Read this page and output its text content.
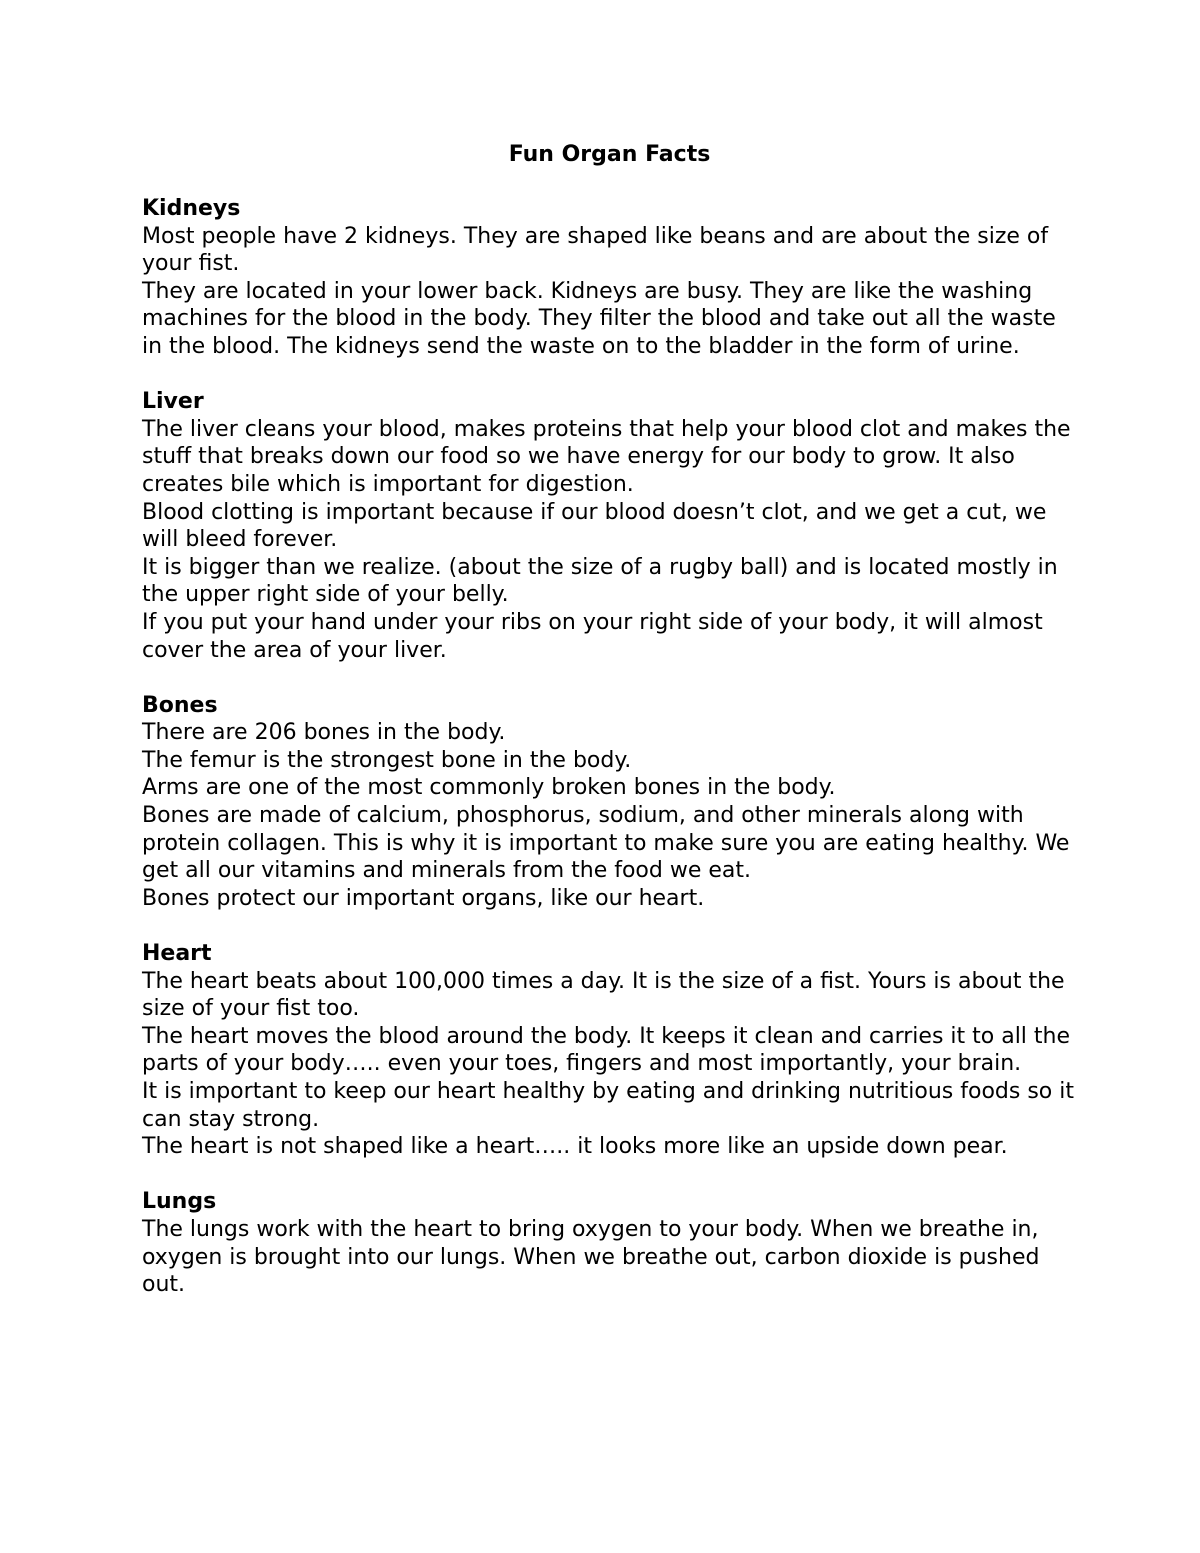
Fun Organ Facts
Kidneys

Most people have 2 kidneys. They are shaped like beans and are about the size of your fist.

They are located in your lower back. Kidneys are busy. They are like the washing machines for the blood in the body. They filter the blood and take out all the waste in the blood. The kidneys send the waste on to the bladder in the form of urine.

Liver

The liver cleans your blood, makes proteins that help your blood clot and makes the stuff that breaks down our food so we have energy for our body to grow. It also creates bile which is important for digestion.

Blood clotting is important because if our blood doesn’t clot, and we get a cut, we will bleed forever.

It is bigger than we realize. (about the size of a rugby ball) and is located mostly in the upper right side of your belly.

If you put your hand under your ribs on your right side of your body, it will almost cover the area of your liver.

Bones

There are 206 bones in the body.

The femur is the strongest bone in the body.

Arms are one of the most commonly broken bones in the body.

Bones are made of calcium, phosphorus, sodium, and other minerals along with protein collagen. This is why it is important to make sure you are eating healthy. We get all our vitamins and minerals from the food we eat.

Bones protect our important organs, like our heart.

Heart

The heart beats about 100,000 times a day. It is the size of a fist. Yours is about the size of your fist too.

The heart moves the blood around the body. It keeps it clean and carries it to all the parts of your body….. even your toes, fingers and most importantly, your brain.

It is important to keep our heart healthy by eating and drinking nutritious foods so it can stay strong.

The heart is not shaped like a heart….. it looks more like an upside down pear.

Lungs

The lungs work with the heart to bring oxygen to your body. When we breathe in, oxygen is brought into our lungs. When we breathe out, carbon dioxide is pushed out.
